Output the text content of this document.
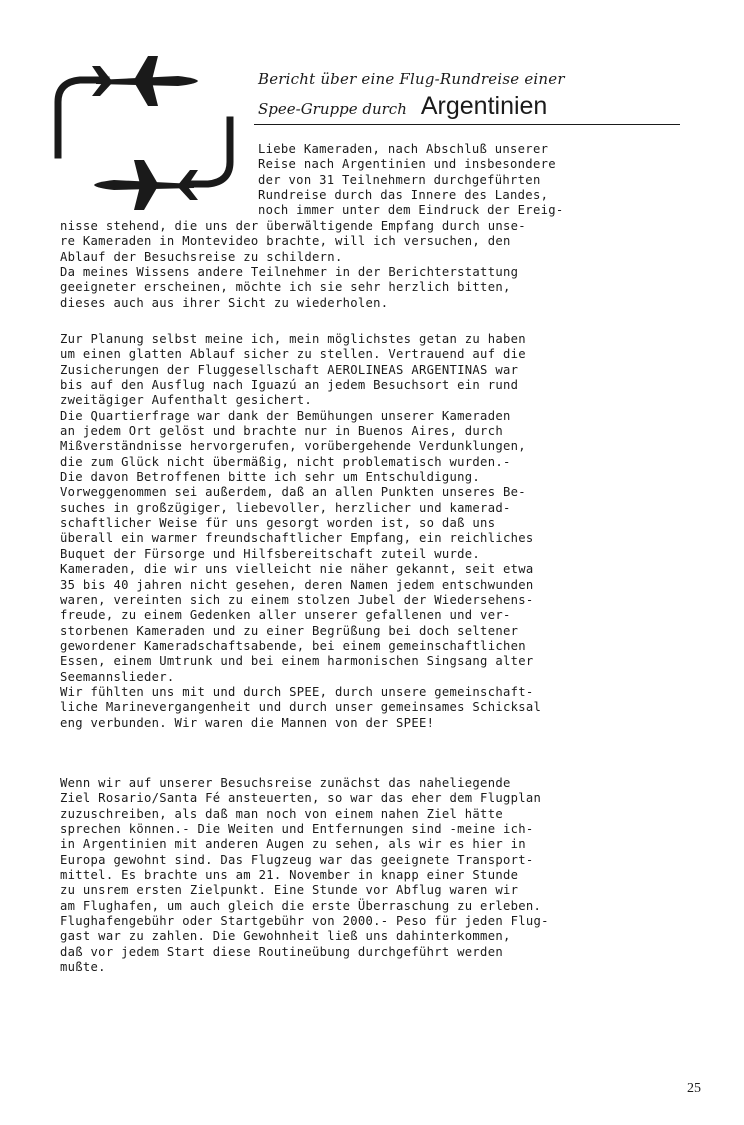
Bericht über eine Flug-Rundreise einer
Spee-Gruppe durch Argentinien
Liebe Kameraden, nach Abschluß unserer
Reise nach Argentinien und insbesondere
der von 31 Teilnehmern durchgeführten
Rundreise durch das Innere des Landes,
noch immer unter dem Eindruck der Ereig-
nisse stehend, die uns der überwältigende Empfang durch unse-
re Kameraden in Montevideo brachte, will ich versuchen, den
Ablauf der Besuchsreise zu schildern.
Da meines Wissens andere Teilnehmer in der Berichterstattung
geeigneter erscheinen, möchte ich sie sehr herzlich bitten,
dieses auch aus ihrer Sicht zu wiederholen.
Zur Planung selbst meine ich, mein möglichstes getan zu haben
um einen glatten Ablauf sicher zu stellen. Vertrauend auf die
Zusicherungen der Fluggesellschaft AEROLINEAS ARGENTINAS war
bis auf den Ausflug nach Iguazú an jedem Besuchsort ein rund
zweitägiger Aufenthalt gesichert.
Die Quartierfrage war dank der Bemühungen unserer Kameraden
an jedem Ort gelöst und brachte nur in Buenos Aires, durch
Mißverständnisse hervorgerufen, vorübergehende Verdunklungen,
die zum Glück nicht übermäßig, nicht problematisch wurden.-
Die davon Betroffenen bitte ich sehr um Entschuldigung.
Vorweggenommen sei außerdem, daß an allen Punkten unseres Be-
suches in großzügiger, liebevoller, herzlicher und kamerad-
schaftlicher Weise für uns gesorgt worden ist, so daß uns
überall ein warmer freundschaftlicher Empfang, ein reichliches
Buquet der Fürsorge und Hilfsbereitschaft zuteil wurde.
Kameraden, die wir uns vielleicht nie näher gekannt, seit etwa
35 bis 40 jahren nicht gesehen, deren Namen jedem entschwunden
waren, vereinten sich zu einem stolzen Jubel der Wiedersehens-
freude, zu einem Gedenken aller unserer gefallenen und ver-
storbenen Kameraden und zu einer Begrüßung bei doch seltener
gewordener Kameradschaftsabende, bei einem gemeinschaftlichen
Essen, einem Umtrunk und bei einem harmonischen Singsang alter
Seemannslieder.
Wir fühlten uns mit und durch SPEE, durch unsere gemeinschaft-
liche Marinevergangenheit und durch unser gemeinsames Schicksal
eng verbunden. Wir waren die Mannen von der SPEE!
Wenn wir auf unserer Besuchsreise zunächst das naheliegende
Ziel Rosario/Santa Fé ansteuerten, so war das eher dem Flugplan
zuzuschreiben, als daß man noch von einem nahen Ziel hätte
sprechen können.- Die Weiten und Entfernungen sind -meine ich-
in Argentinien mit anderen Augen zu sehen, als wir es hier in
Europa gewohnt sind. Das Flugzeug war das geeignete Transport-
mittel. Es brachte uns am 21. November in knapp einer Stunde
zu unsrem ersten Zielpunkt. Eine Stunde vor Abflug waren wir
am Flughafen, um auch gleich die erste Überraschung zu erleben.
Flughafengebühr oder Startgebühr von 2000.- Peso für jeden Flug-
gast war zu zahlen. Die Gewohnheit ließ uns dahinterkommen,
daß vor jedem Start diese Routineübung durchgeführt werden
mußte.
25
